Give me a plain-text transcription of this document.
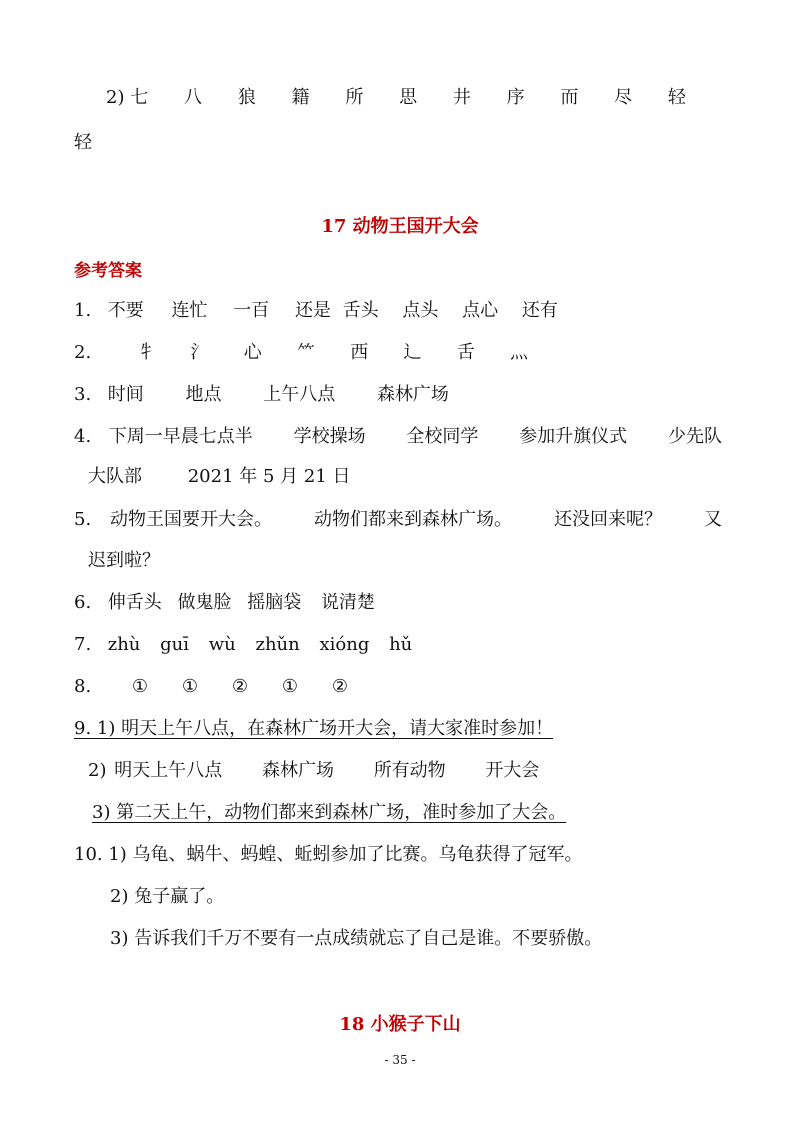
2) 七 八 狼 籍 所 思 井 序 而 尽 轻
轻
17 动物王国开大会
参考答案
1. 不要 连忙 一百 还是 舌头 点头 点心 还有
2.	牜 氵 心 ⺮ 西 辶 舌 灬
3. 时间 地点 上午八点 森林广场
4. 下周一早晨七点半 学校操场 全校同学 参加升旗仪式 少先队
大队部	2021 年 5 月 21 日
5.	动物王国要开大会。 动物们都来到森林广场。 还没回来呢？ 又
迟到啦？
6. 伸舌头 做鬼脸 摇脑袋 说清楚
7. zhù guī wù zhǔn xióng hǔ
8.	① ① ② ① ②
9. 1) 明天上午八点，在森林广场开大会，请大家准时参加！
2) 明天上午八点 森林广场 所有动物 开大会
3) 第二天上午，动物们都来到森林广场，准时参加了大会。
10. 1) 乌龟、蜗牛、蚂蝗、蚯蚓参加了比赛。乌龟获得了冠军。
2) 兔子赢了。
3) 告诉我们千万不要有一点成绩就忘了自己是谁。不要骄傲。
18 小猴子下山
- 35 -
